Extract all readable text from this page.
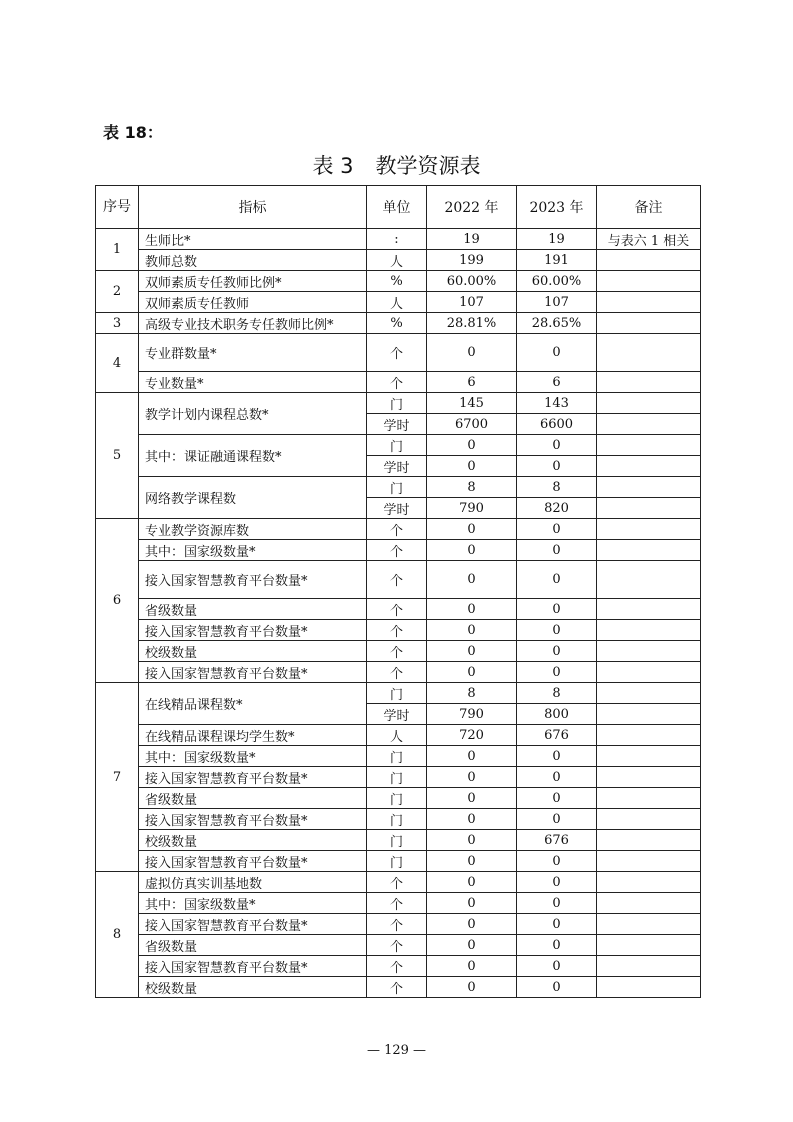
表 18：
表 3 教学资源表
序号	指标	单位	2022 年	2023 年	备注
1	生师比*	:	19	19	与表六 1 相关
	教师总数	人	199	191	
2	双师素质专任教师比例*	%	60.00%	60.00%	
	双师素质专任教师	人	107	107	
3	高级专业技术职务专任教师比例*	%	28.81%	28.65%	
4	专业群数量*	个	0	0	
	专业数量*	个	6	6	
5	教学计划内课程总数*	门	145	143	
		学时	6700	6600	
	其中：课证融通课程数*	门	0	0	
		学时	0	0	
	网络教学课程数	门	8	8	
		学时	790	820	
6	专业教学资源库数	个	0	0	
	其中：国家级数量*	个	0	0	
	接入国家智慧教育平台数量*	个	0	0	
	省级数量	个	0	0	
	接入国家智慧教育平台数量*	个	0	0	
	校级数量	个	0	0	
	接入国家智慧教育平台数量*	个	0	0	
7	在线精品课程数*	门	8	8	
		学时	790	800	
	在线精品课程课均学生数*	人	720	676	
	其中：国家级数量*	门	0	0	
	接入国家智慧教育平台数量*	门	0	0	
	省级数量	门	0	0	
	接入国家智慧教育平台数量*	门	0	0	
	校级数量	门	0	676	
	接入国家智慧教育平台数量*	门	0	0	
8	虚拟仿真实训基地数	个	0	0	
	其中：国家级数量*	个	0	0	
	接入国家智慧教育平台数量*	个	0	0	
	省级数量	个	0	0	
	接入国家智慧教育平台数量*	个	0	0	
	校级数量	个	0	0	
— 129 —
